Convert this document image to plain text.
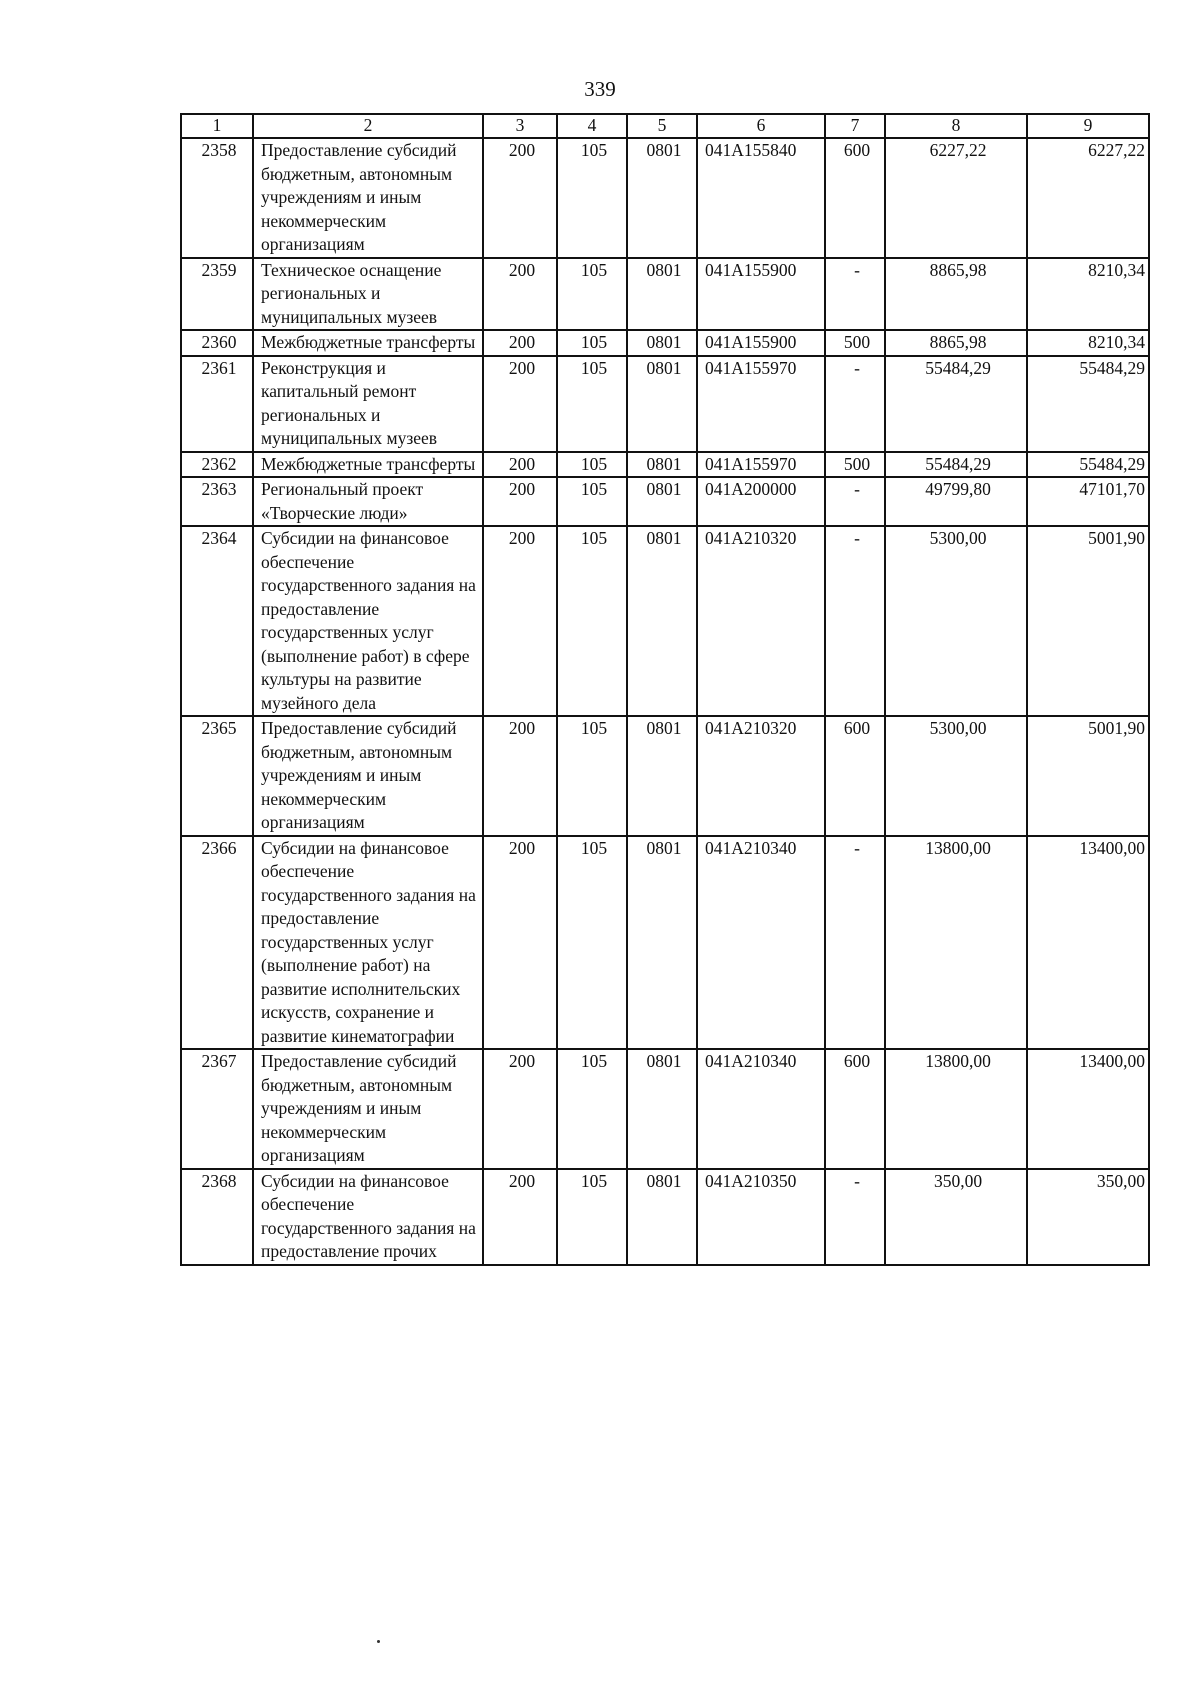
339
1	2	3	4	5	6	7	8	9
2358	Предоставление субсидий бюджетным, автономным учреждениям и иным некоммерческим организациям	200	105	0801	041A155840	600	6227,22	6227,22
2359	Техническое оснащение региональных и муниципальных музеев	200	105	0801	041A155900	-	8865,98	8210,34
2360	Межбюджетные трансферты	200	105	0801	041A155900	500	8865,98	8210,34
2361	Реконструкция и капитальный ремонт региональных и муниципальных музеев	200	105	0801	041A155970	-	55484,29	55484,29
2362	Межбюджетные трансферты	200	105	0801	041A155970	500	55484,29	55484,29
2363	Региональный проект «Творческие люди»	200	105	0801	041A200000	-	49799,80	47101,70
2364	Субсидии на финансовое обеспечение государственного задания на предоставление государственных услуг (выполнение работ) в сфере культуры на развитие музейного дела	200	105	0801	041A210320	-	5300,00	5001,90
2365	Предоставление субсидий бюджетным, автономным учреждениям и иным некоммерческим организациям	200	105	0801	041A210320	600	5300,00	5001,90
2366	Субсидии на финансовое обеспечение государственного задания на предоставление государственных услуг (выполнение работ) на развитие исполнительских искусств, сохранение и развитие кинематографии	200	105	0801	041A210340	-	13800,00	13400,00
2367	Предоставление субсидий бюджетным, автономным учреждениям и иным некоммерческим организациям	200	105	0801	041A210340	600	13800,00	13400,00
2368	Субсидии на финансовое обеспечение государственного задания на предоставление прочих	200	105	0801	041A210350	-	350,00	350,00
